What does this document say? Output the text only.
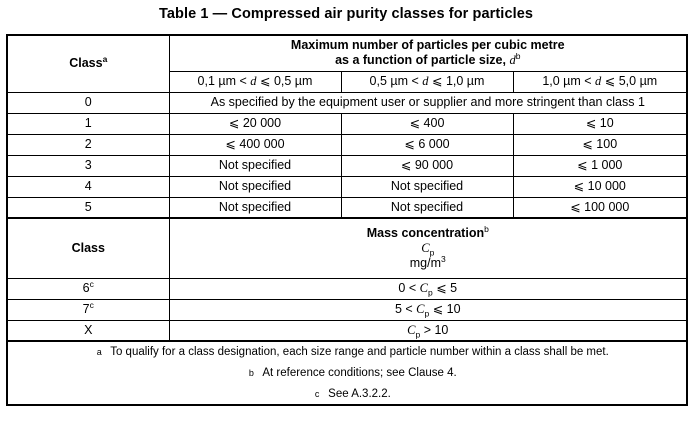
Table 1 — Compressed air purity classes for particles
Class$^a$	Maximum number of particles per cubic metre
as a function of particle size, $d^b$

	0,1 µm < d ⩽ 0,5 µm	0,5 µm < d ⩽ 1,0 µm	1,0 µm < d ⩽ 5,0 µm
0	As specified by the equipment user or supplier and more stringent than class 1		
1	⩽ 20 000	⩽ 400	⩽ 10
2	⩽ 400 000	⩽ 6 000	⩽ 100
3	Not specified	⩽ 90 000	⩽ 1 000
4	Not specified	Not specified	⩽ 10 000
5	Not specified	Not specified	⩽ 100 000
Class	Mass concentration$^b$
$C_p$
$mg/m^3$

6$^c$	$0 < C_p$ ⩽ 5		
7$^c$	$5 < C_p$ ⩽ 10		
X	$C_p > 10$		
a To qualify for a class designation, each size range and particle number within a class shall be met.			
b At reference conditions; see Clause 4.			
c See A.3.2.2.			
